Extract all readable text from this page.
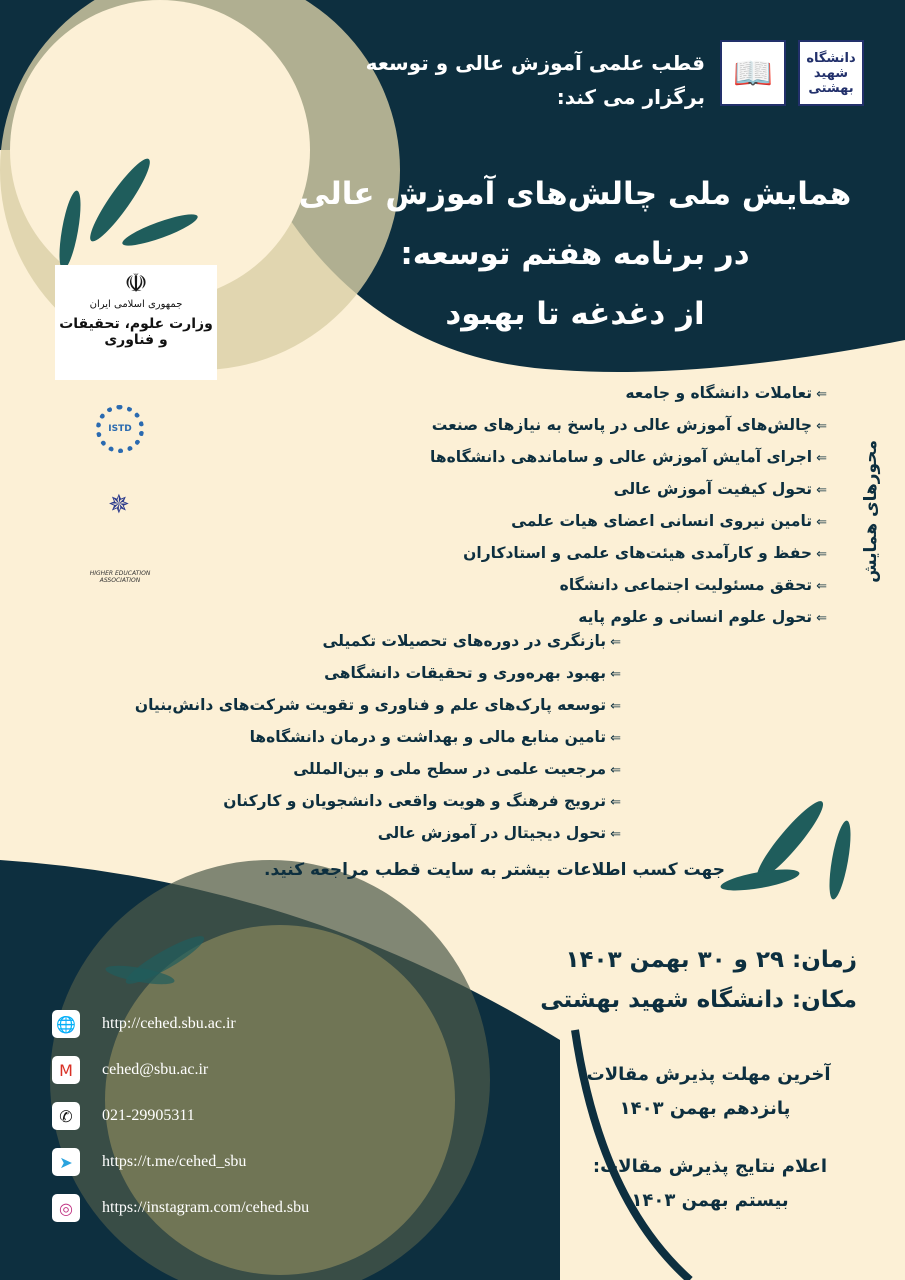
قطب علمی آموزش عالی و توسعه
برگزار می کند:
📖	دانشگاه شهید بهشتی
همایش ملی چالش‌های آموزش عالی
در برنامه هفتم توسعه:
از دغدغه تا بهبود
☫
جمهوری اسلامی ایران
وزارت علوم، تحقیقات و فناوری
ISTD
✵
HIGHER EDUCATION ASSOCIATION	محورهای همایش
⇐تعاملات دانشگاه و جامعه
⇐چالش‌های آموزش عالی در پاسخ به نیازهای صنعت
⇐اجرای آمایش آموزش عالی و ساماندهی دانشگاه‌ها
⇐تحول کیفیت آموزش عالی
⇐تامین نیروی انسانی اعضای هیات علمی
⇐حفظ و کارآمدی هیئت‌های علمی و استادکاران
⇐تحقق مسئولیت اجتماعی دانشگاه
⇐تحول علوم انسانی و علوم پایه
⇐بازنگری در دوره‌های تحصیلات تکمیلی
⇐بهبود بهره‌وری و تحقیقات دانشگاهی
⇐توسعه پارک‌های علم و فناوری و تقویت شرکت‌های دانش‌بنیان
⇐تامین منابع مالی و بهداشت و درمان دانشگاه‌ها
⇐مرجعیت علمی در سطح ملی و بین‌المللی
⇐ترویج فرهنگ و هویت واقعی دانشجویان و کارکنان
⇐تحول دیجیتال در آموزش عالی
جهت کسب اطلاعات بیشتر به سایت قطب مراجعه کنید.
زمان: ۲۹ و ۳۰ بهمن ۱۴۰۳
مکان: دانشگاه شهید بهشتی
آخرین مهلت پذیرش مقالات:
پانزدهم بهمن ۱۴۰۳
اعلام نتایج پذیرش مقالات:
بیستم بهمن ۱۴۰۳
🌐 http://cehed.sbu.ac.ir
M	cehed@sbu.ac.ir
✆	021-29905311
➤	https://t.me/cehed_sbu
◎	https://instagram.com/cehed.sbu
